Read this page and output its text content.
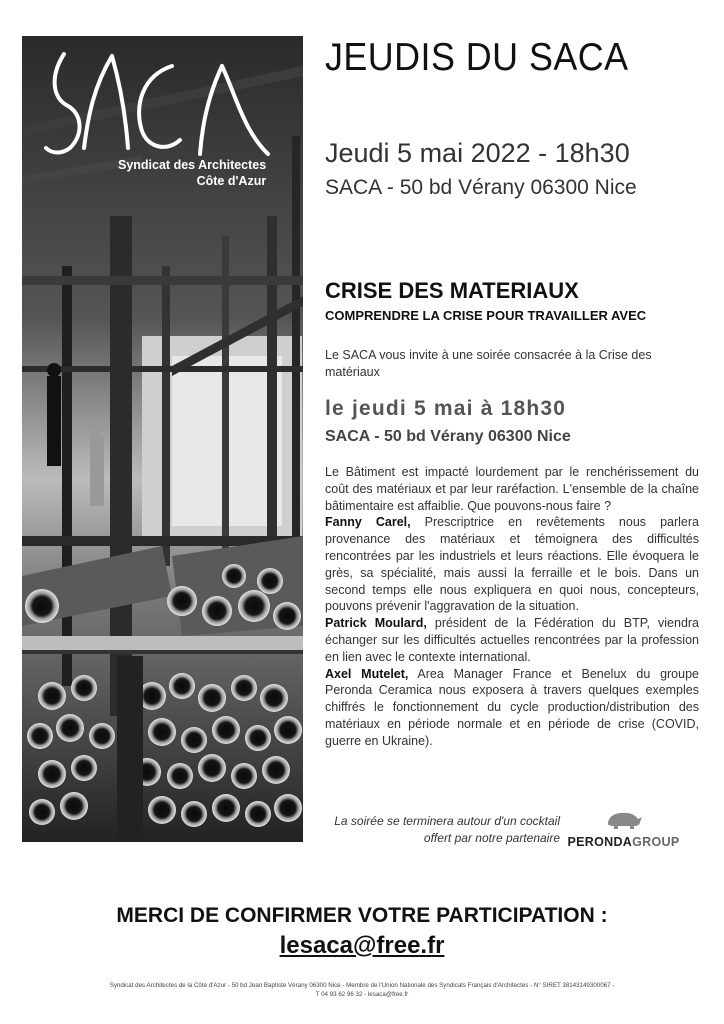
Syndicat des Architectes
Côte d'Azur
JEUDIS DU SACA
Jeudi 5 mai 2022 - 18h30
SACA - 50 bd Vérany 06300 Nice
CRISE DES MATERIAUX
COMPRENDRE LA CRISE POUR TRAVAILLER AVEC
Le SACA vous invite à une soirée consacrée à la Crise des matériaux
le jeudi 5 mai à 18h30
SACA - 50 bd Vérany 06300 Nice

Le Bâtiment est impacté lourdement par le renchérissement du coût des matériaux et par leur raréfaction. L'ensemble de la chaîne bâtimentaire est affaiblie. Que pouvons-nous faire ?

Fanny Carel, Prescriptrice en revêtements nous parlera provenance des matériaux et témoignera des difficultés rencontrées par les industriels et leurs réactions. Elle évoquera le grès, sa spécialité, mais aussi la ferraille et le bois. Dans un second temps elle nous expliquera en quoi nous, concepteurs, pouvons prévenir l'aggravation de la situation.

Patrick Moulard, président de la Fédération du BTP, viendra échanger sur les difficultés actuelles rencontrées par la profession en lien avec le contexte international.

Axel Mutelet, Area Manager France et Benelux du groupe Peronda Ceramica nous exposera à travers quelques exemples chiffrés le fonctionnement du cycle production/distribution des matériaux en période normale et en période de crise (COVID, guerre en Ukraine).

La soirée se terminera autour d'un cocktail offert par notre partenaire PERONDAGROUP
MERCI DE CONFIRMER VOTRE PARTICIPATION :
lesaca@free.fr
Syndicat des Architectes de la Côte d'Azur - 50 bd Jean Baptiste Vérany 06300 Nice - Membre de l'Union Nationale des Syndicats Français d'Architectes - N° SIRET 38143149300067 -
T 04 93 62 96 32 - lesaca@free.fr
